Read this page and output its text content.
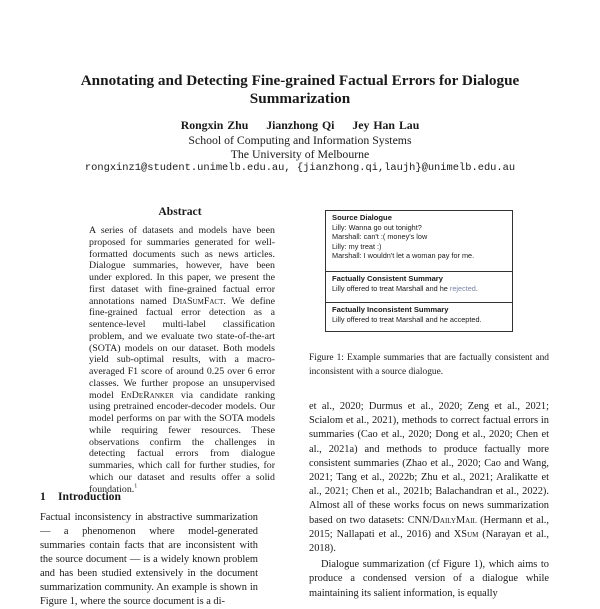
Annotating and Detecting Fine-grained Factual Errors for Dialogue Summarization
Rongxin Zhu Jianzhong Qi Jey Han Lau
School of Computing and Information Systems
The University of Melbourne
rongxinz1@student.unimelb.edu.au, {jianzhong.qi,laujh}@unimelb.edu.au
Abstract
A series of datasets and models have been proposed for summaries generated for well-formatted documents such as news articles. Dialogue summaries, however, have been under explored. In this paper, we present the first dataset with fine-grained factual error annotations named DiaSumFact. We define fine-grained factual error detection as a sentence-level multi-label classification problem, and we evaluate two state-of-the-art (SOTA) models on our dataset. Both models yield sub-optimal results, with a macro-averaged F1 score of around 0.25 over 6 error classes. We further propose an unsupervised model EnDeRanker via candidate ranking using pretrained encoder-decoder models. Our model performs on par with the SOTA models while requiring fewer resources. These observations confirm the challenges in detecting factual errors from dialogue summaries, which call for further studies, for which our dataset and results offer a solid foundation.$^1$
1 Introduction
Factual inconsistency in abstractive summarization — a phenomenon where model-generated summaries contain facts that are inconsistent with the source document — is a widely known problem and has been studied extensively in the document summarization community. An example is shown in Figure 1, where the source document is a di-
Source Dialogue
Lilly: Wanna go out tonight?
Marshall: can't :( money's low
Lilly: my treat :)
Marshall: I wouldn't let a woman pay for me.
Factually Consistent Summary
Lilly offered to treat Marshall and he rejected.
Factually Inconsistent Summary
Lilly offered to treat Marshall and he accepted.
Figure 1: Example summaries that are factually consistent and inconsistent with a source dialogue.

et al., 2020; Durmus et al., 2020; Zeng et al., 2021; Scialom et al., 2021), methods to correct factual errors in summaries (Cao et al., 2020; Dong et al., 2020; Chen et al., 2021a) and methods to produce factually more consistent summaries (Zhao et al., 2020; Cao and Wang, 2021; Tang et al., 2022b; Zhu et al., 2021; Aralikatte et al., 2021; Chen et al., 2021b; Balachandran et al., 2022). Almost all of these works focus on news summarization based on two datasets: CNN/DailyMail (Hermann et al., 2015; Nallapati et al., 2016) and XSum (Narayan et al., 2018).

Dialogue summarization (cf Figure 1), which aims to produce a condensed version of a dialogue while maintaining its salient information, is equally
